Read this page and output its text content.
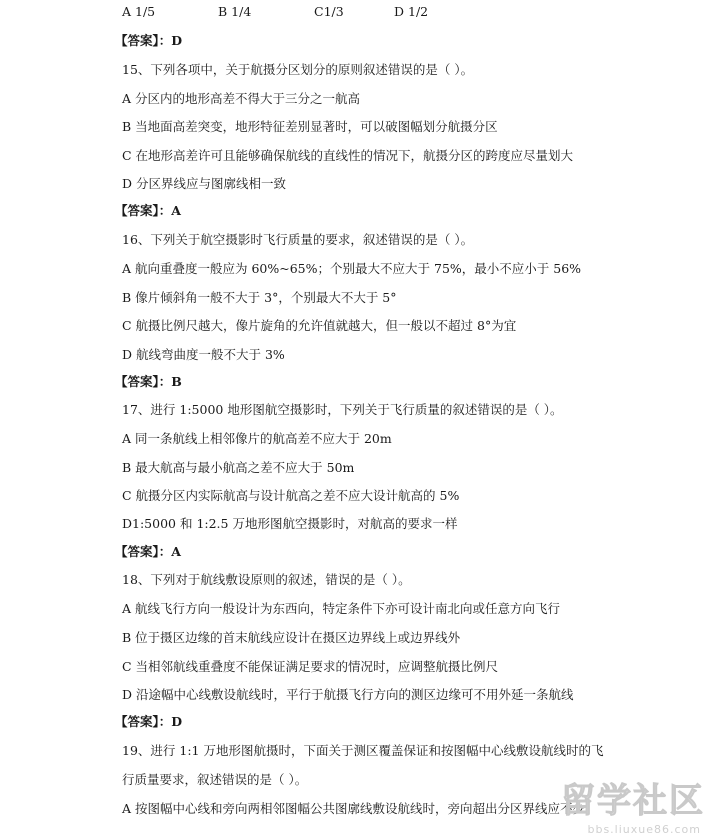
A 1/5	B 1/4	C1/3	D 1/2
【答案】：D
15、下列各项中，关于航摄分区划分的原则叙述错误的是（ ）。
A 分区内的地形高差不得大于三分之一航高
B 当地面高差突变，地形特征差别显著时，可以破图幅划分航摄分区
C 在地形高差许可且能够确保航线的直线性的情况下，航摄分区的跨度应尽量划大
D 分区界线应与图廓线相一致
【答案】：A
16、下列关于航空摄影时飞行质量的要求，叙述错误的是（ ）。
A 航向重叠度一般应为 60%~65%；个别最大不应大于 75%，最小不应小于 56%
B 像片倾斜角一般不大于 3°，个别最大不大于 5°
C 航摄比例尺越大，像片旋角的允许值就越大，但一般以不超过 8°为宜
D 航线弯曲度一般不大于 3%
【答案】：B
17、进行 1:5000 地形图航空摄影时，下列关于飞行质量的叙述错误的是（ ）。
A 同一条航线上相邻像片的航高差不应大于 20m
B 最大航高与最小航高之差不应大于 50m
C 航摄分区内实际航高与设计航高之差不应大设计航高的 5%
D1:5000 和 1:2.5 万地形图航空摄影时，对航高的要求一样
【答案】：A
18、下列对于航线敷设原则的叙述，错误的是（ ）。
A 航线飞行方向一般设计为东西向，特定条件下亦可设计南北向或任意方向飞行
B 位于摄区边缘的首末航线应设计在摄区边界线上或边界线外
C 当相邻航线重叠度不能保证满足要求的情况时，应调整航摄比例尺
D 沿途幅中心线敷设航线时，平行于航摄飞行方向的测区边缘可不用外延一条航线
【答案】：D
19、进行 1:1 万地形图航摄时，下面关于测区覆盖保证和按图幅中心线敷设航线时的飞
行质量要求，叙述错误的是（ ）。
A 按图幅中心线和旁向两相邻图幅公共图廓线敷设航线时，旁向超出分区界线应不少
留学社区
bbs.liuxue86.com
